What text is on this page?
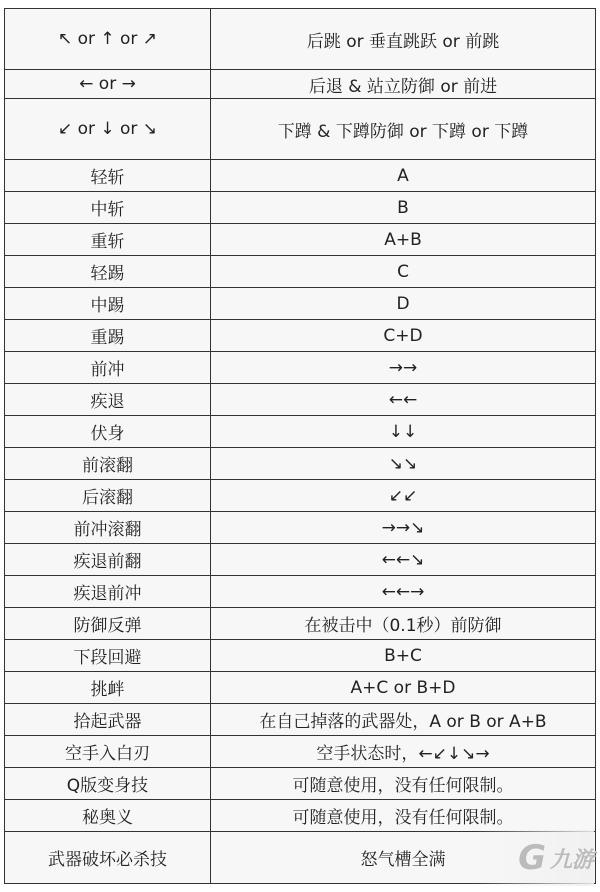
↖ or ↑ or ↗	后跳 or 垂直跳跃 or 前跳
← or →	后退 & 站立防御 or 前进
↙ or ↓ or ↘	下蹲 & 下蹲防御 or 下蹲 or 下蹲
轻斩	A
中斩	B
重斩	A+B
轻踢	C
中踢	D
重踢	C+D
前冲	→→
疾退	←←
伏身	↓↓
前滚翻	↘↘
后滚翻	↙↙
前冲滚翻	→→↘
疾退前翻	←←↘
疾退前冲	←←→
防御反弹	在被击中（0.1秒）前防御
下段回避	B+C
挑衅	A+C or B+D
拾起武器	在自己掉落的武器处，A or B or A+B
空手入白刃	空手状态时，←↙↓↘→
Q版变身技	可随意使用，没有任何限制。
秘奥义	可随意使用，没有任何限制。
武器破坏必杀技	怒气槽全满 G 九游
